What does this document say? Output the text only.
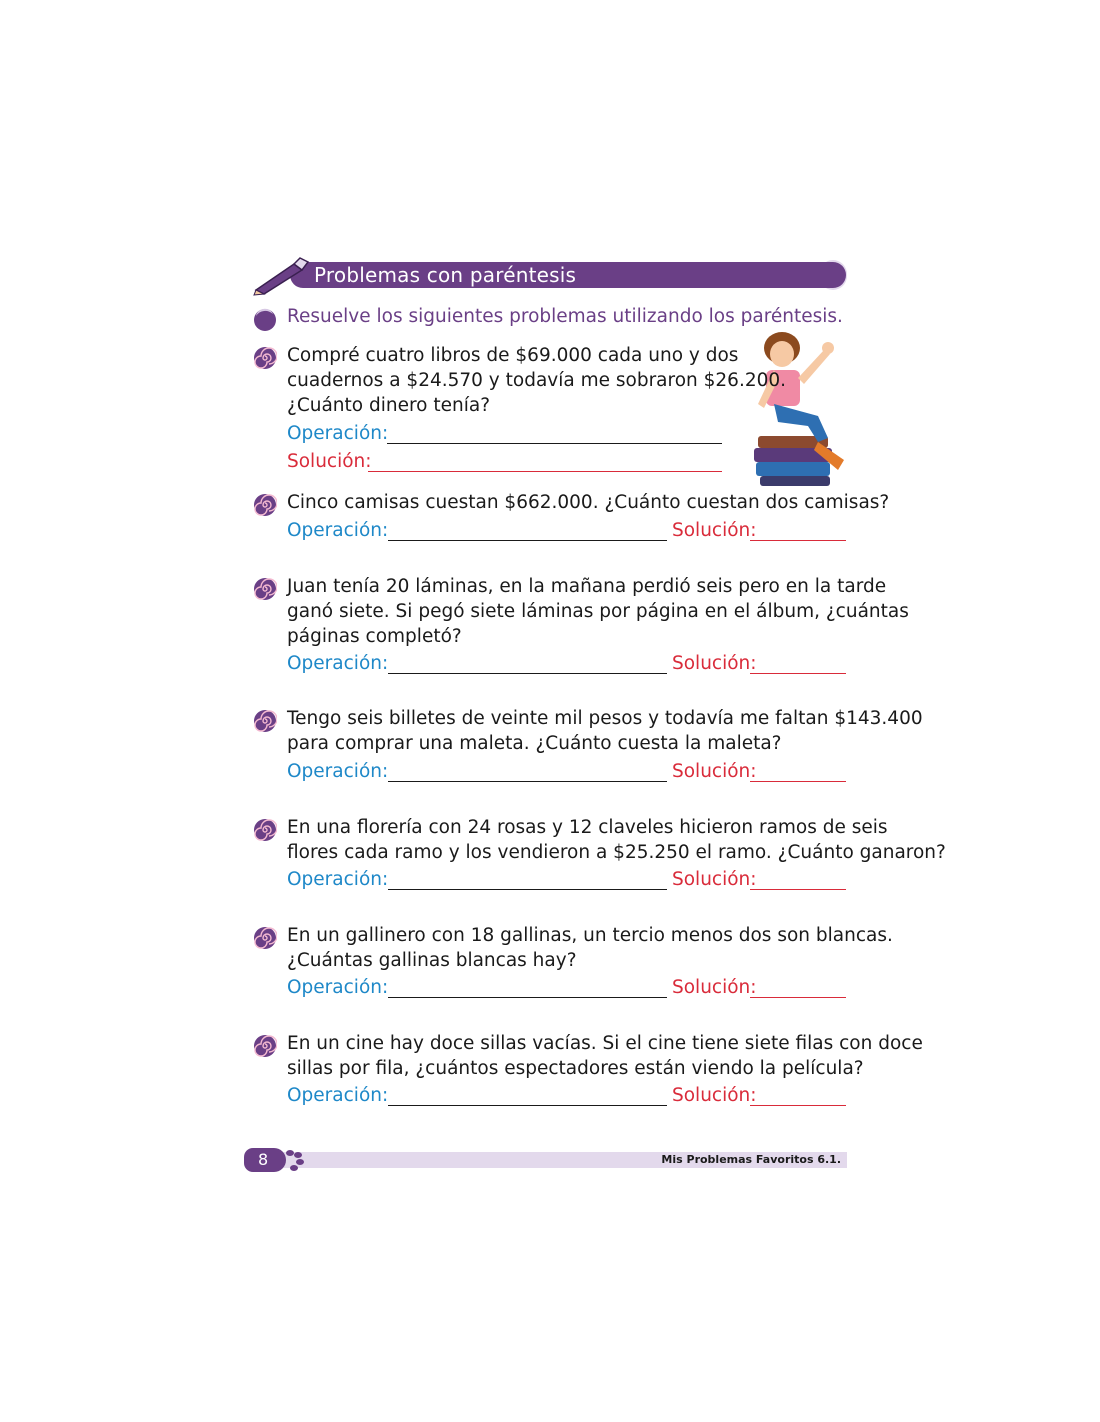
Problemas con paréntesis
Resuelve los siguientes problemas utilizando los paréntesis.
Compré cuatro libros de $69.000 cada uno y dos
cuadernos a $24.570 y todavía me sobraron $26.200.
¿Cuánto dinero tenía?
Operación:
Solución:
Cinco camisas cuestan $662.000. ¿Cuánto cuestan dos camisas?
Operación:	Solución:
Juan tenía 20 láminas, en la mañana perdió seis pero en la tarde
ganó siete. Si pegó siete láminas por página en el álbum, ¿cuántas
páginas completó?
Operación:	Solución:
Tengo seis billetes de veinte mil pesos y todavía me faltan $143.400
para comprar una maleta. ¿Cuánto cuesta la maleta?
Operación:	Solución:
En una florería con 24 rosas y 12 claveles hicieron ramos de seis
flores cada ramo y los vendieron a $25.250 el ramo. ¿Cuánto ganaron?
Operación:	Solución:
En un gallinero con 18 gallinas, un tercio menos dos son blancas.
¿Cuántas gallinas blancas hay?
Operación:	Solución:
En un cine hay doce sillas vacías. Si el cine tiene siete filas con doce
sillas por fila, ¿cuántos espectadores están viendo la película?
Operación:	Solución:
8	Mis Problemas Favoritos 6.1.
